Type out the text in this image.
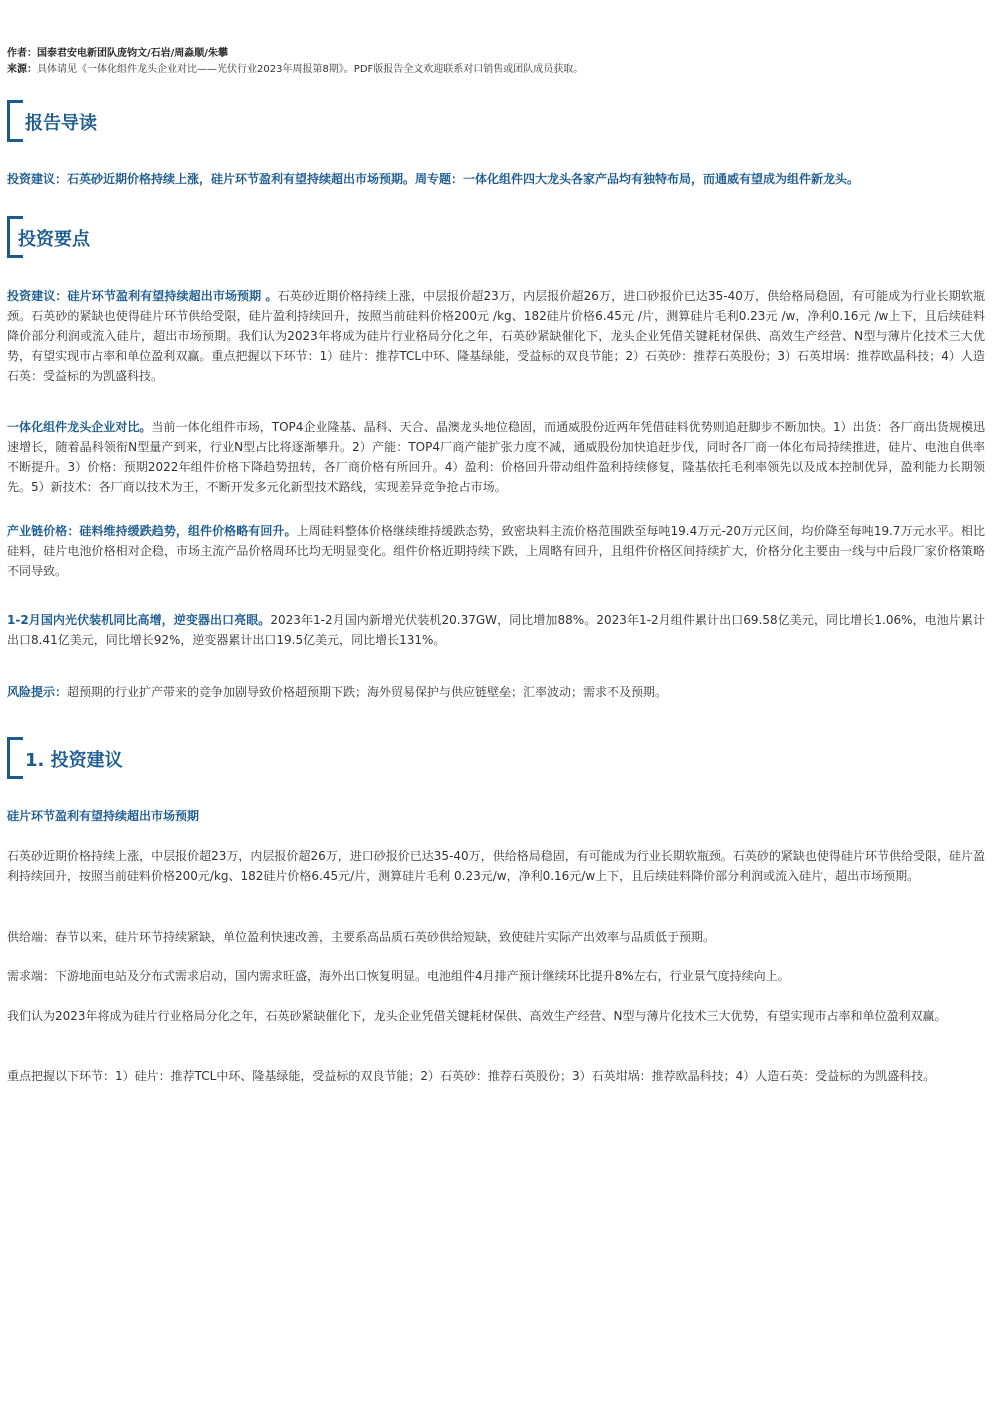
作者：国泰君安电新团队庞钧文/石岩/周淼顺/朱攀
来源：具体请见《一体化组件龙头企业对比——光伏行业2023年周报第8期》。PDF版报告全文欢迎联系对口销售或团队成员获取。
报告导读
投资建议：石英砂近期价格持续上涨，硅片环节盈利有望持续超出市场预期。周专题：一体化组件四大龙头各家产品均有独特布局，而通威有望成为组件新龙头。
投资要点
投资建议：硅片环节盈利有望持续超出市场预期 。石英砂近期价格持续上涨，中层报价超23万，内层报价超26万，进口砂报价已达35-40万，供给格局稳固，有可能成为行业长期软瓶颈。石英砂的紧缺也使得硅片环节供给受限，硅片盈利持续回升，按照当前硅料价格200元 /kg、182硅片价格6.45元 /片，测算硅片毛利0.23元 /w，净利0.16元 /w上下，且后续硅料降价部分利润或流入硅片，超出市场预期。我们认为2023年将成为硅片行业格局分化之年，石英砂紧缺催化下，龙头企业凭借关键耗材保供、高效生产经营、N型与薄片化技术三大优势，有望实现市占率和单位盈利双赢。重点把握以下环节：1）硅片：推荐TCL中环、隆基绿能，受益标的双良节能；2）石英砂：推荐石英股份；3）石英坩埚：推荐欧晶科技；4）人造石英：受益标的为凯盛科技。
一体化组件龙头企业对比。当前一体化组件市场，TOP4企业隆基、晶科、天合、晶澳龙头地位稳固，而通威股份近两年凭借硅料优势则追赶脚步不断加快。1）出货：各厂商出货规模迅速增长，随着晶科领衔N型量产到来，行业N型占比将逐渐攀升。2）产能：TOP4厂商产能扩张力度不减，通威股份加快追赶步伐，同时各厂商一体化布局持续推进，硅片、电池自供率不断提升。3）价格：预期2022年组件价格下降趋势扭转，各厂商价格有所回升。4）盈利：价格回升带动组件盈利持续修复，隆基依托毛利率领先以及成本控制优异，盈利能力长期领先。5）新技术：各厂商以技术为王，不断开发多元化新型技术路线，实现差异竞争抢占市场。
产业链价格：硅料维持缓跌趋势，组件价格略有回升。上周硅料整体价格继续维持缓跌态势，致密块料主流价格范围跌至每吨19.4万元-20万元区间，均价降至每吨19.7万元水平。相比硅料，硅片电池价格相对企稳，市场主流产品价格周环比均无明显变化。组件价格近期持续下跌，上周略有回升，且组件价格区间持续扩大，价格分化主要由一线与中后段厂家价格策略不同导致。
1-2月国内光伏装机同比高增，逆变器出口亮眼。2023年1-2月国内新增光伏装机20.37GW，同比增加88%。2023年1-2月组件累计出口69.58亿美元，同比增长1.06%，电池片累计出口8.41亿美元，同比增长92%，逆变器累计出口19.5亿美元，同比增长131%。
风险提示：超预期的行业扩产带来的竞争加剧导致价格超预期下跌；海外贸易保护与供应链壁垒；汇率波动；需求不及预期。
1. 投资建议
硅片环节盈利有望持续超出市场预期
石英砂近期价格持续上涨，中层报价超23万，内层报价超26万，进口砂报价已达35-40万，供给格局稳固，有可能成为行业长期软瓶颈。石英砂的紧缺也使得硅片环节供给受限，硅片盈利持续回升，按照当前硅料价格200元/kg、182硅片价格6.45元/片，测算硅片毛利 0.23元/w，净利0.16元/w上下，且后续硅料降价部分利润或流入硅片，超出市场预期。
供给端：春节以来，硅片环节持续紧缺，单位盈利快速改善，主要系高品质石英砂供给短缺，致使硅片实际产出效率与品质低于预期。
需求端：下游地面电站及分布式需求启动，国内需求旺盛，海外出口恢复明显。电池组件4月排产预计继续环比提升8%左右，行业景气度持续向上。
我们认为2023年将成为硅片行业格局分化之年，石英砂紧缺催化下，龙头企业凭借关键耗材保供、高效生产经营、N型与薄片化技术三大优势，有望实现市占率和单位盈利双赢。
重点把握以下环节：1）硅片：推荐TCL中环、隆基绿能，受益标的双良节能；2）石英砂：推荐石英股份；3）石英坩埚：推荐欧晶科技；4）人造石英：受益标的为凯盛科技。
